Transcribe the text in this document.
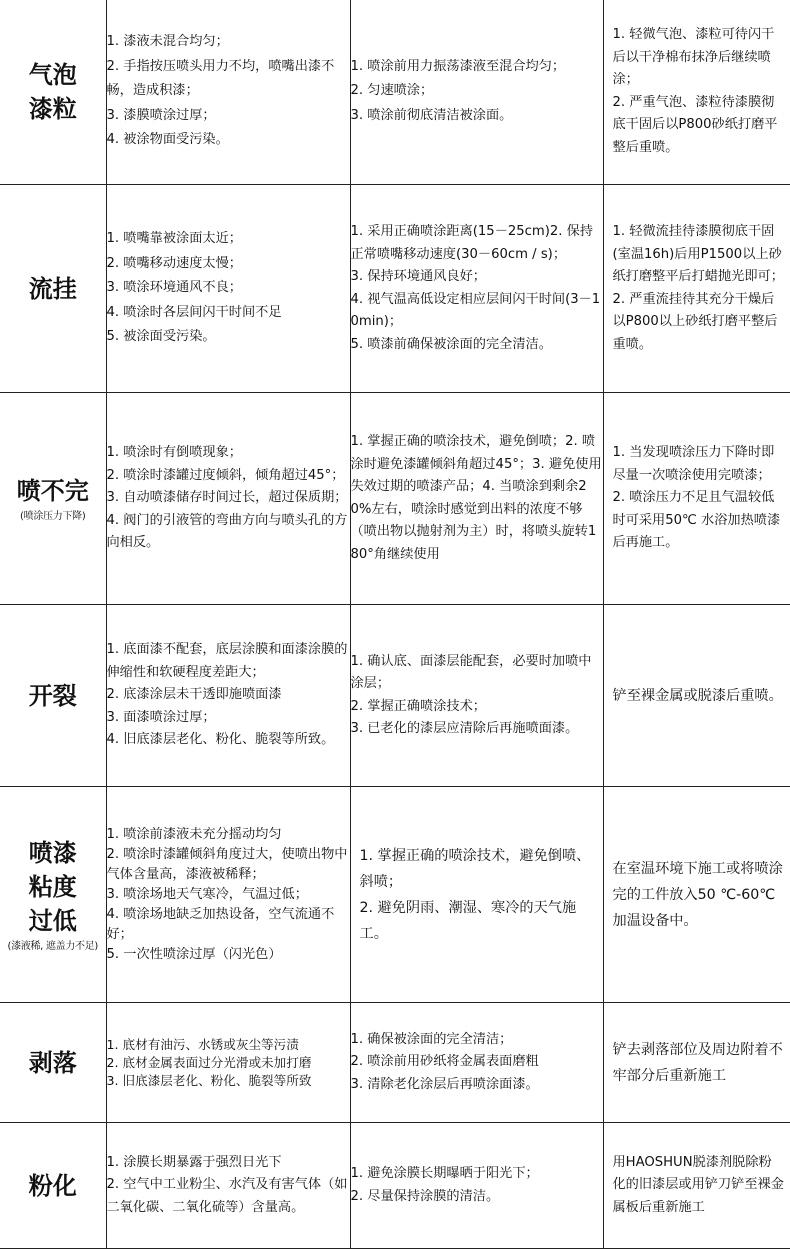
气泡
漆粒	1. 漆液未混合均匀；
2. 手指按压喷头用力不均，喷嘴出漆不畅，造成积漆；
3. 漆膜喷涂过厚；
4. 被涂物面受污染。	1. 喷涂前用力振荡漆液至混合均匀；
2. 匀速喷涂；
3. 喷涂前彻底清洁被涂面。	1. 轻微气泡、漆粒可待闪干后以干净棉布抹净后继续喷涂；
2. 严重气泡、漆粒待漆膜彻底干固后以P800砂纸打磨平整后重喷。

流挂	1. 喷嘴靠被涂面太近；
2. 喷嘴移动速度太慢；
3. 喷涂环境通风不良；
4. 喷涂时各层间闪干时间不足
5. 被涂面受污染。	1. 采用正确喷涂距离(15－25cm)2. 保持正常喷嘴移动速度(30－60cm / s)；
3. 保持环境通风良好；
4. 视气温高低设定相应层间闪干时间(3－10min)；
5. 喷漆前确保被涂面的完全清洁。	1. 轻微流挂待漆膜彻底干固(室温16h)后用P1500以上砂纸打磨整平后打蜡抛光即可；
2. 严重流挂待其充分干燥后以P800以上砂纸打磨平整后重喷。

喷不完
(喷涂压力下降)	1. 喷涂时有倒喷现象；
2. 喷涂时漆罐过度倾斜，倾角超过45°；
3. 自动喷漆储存时间过长，超过保质期；
4. 阀门的引液管的弯曲方向与喷头孔的方向相反。	1. 掌握正确的喷涂技术，避免倒喷；2. 喷涂时避免漆罐倾斜角超过45°；3. 避免使用失效过期的喷漆产品；4. 当喷涂到剩余20%左右，喷涂时感觉到出料的浓度不够（喷出物以抛射剂为主）时，将喷头旋转180°角继续使用	1. 当发现喷涂压力下降时即尽量一次喷涂使用完喷漆；
2. 喷涂压力不足且气温较低时可采用50℃ 水浴加热喷漆后再施工。

开裂	1. 底面漆不配套，底层涂膜和面漆涂膜的伸缩性和软硬程度差距大；
2. 底漆涂层未干透即施喷面漆
3. 面漆喷涂过厚；
4. 旧底漆层老化、粉化、脆裂等所致。	1. 确认底、面漆层能配套，必要时加喷中涂层；
2. 掌握正确喷涂技术；
3. 已老化的漆层应清除后再施喷面漆。	铲至裸金属或脱漆后重喷。

喷漆
粘度
过低
(漆液稀, 遮盖力不足)	1. 喷涂前漆液未充分摇动均匀
2. 喷涂时漆罐倾斜角度过大，使喷出物中气体含量高，漆液被稀释；
3. 喷涂场地天气寒冷，气温过低；
4. 喷涂场地缺乏加热设备，空气流通不好；
5. 一次性喷涂过厚（闪光色）	1. 掌握正确的喷涂技术，避免倒喷、斜喷；
2. 避免阴雨、潮湿、寒冷的天气施工。	在室温环境下施工或将喷涂完的工件放入50 ℃-60℃加温设备中。

剥落	1. 底材有油污、水锈或灰尘等污渍
2. 底材金属表面过分光滑或未加打磨
3. 旧底漆层老化、粉化、脆裂等所致	1. 确保被涂面的完全清洁；
2. 喷涂前用砂纸将金属表面磨粗
3. 清除老化涂层后再喷涂面漆。	铲去剥落部位及周边附着不牢部分后重新施工

粉化	1. 涂膜长期暴露于强烈日光下
2. 空气中工业粉尘、水汽及有害气体（如二氧化碳、二氧化硫等）含量高。	1. 避免涂膜长期曝晒于阳光下；
2. 尽量保持涂膜的清洁。	用HAOSHUN脱漆剂脱除粉化的旧漆层或用铲刀铲至裸金属板后重新施工
